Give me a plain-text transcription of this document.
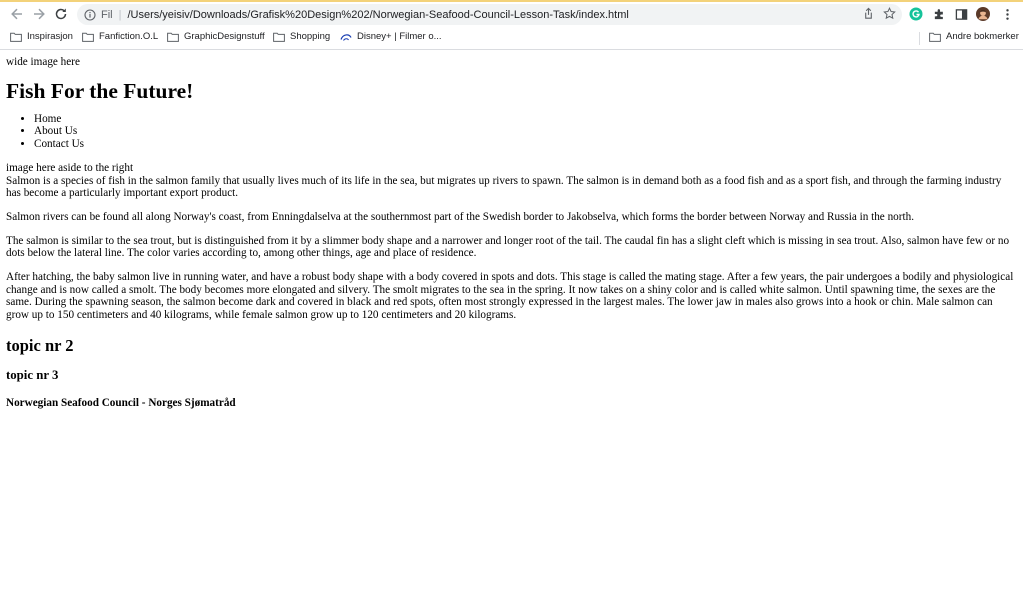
Fil | /Users/yeisiv/Downloads/Grafisk%20Design%202/Norwegian-Seafood-Council-Lesson-Task/index.html
Inspirasjon	Fanfiction.O.L	GraphicDesignstuff	Shopping	Disney+ | Filmer o...	Andre bokmerker
wide image here
Fish For the Future!
• Home
• About Us
• Contact Us
image here aside to the right

Salmon is a species of fish in the salmon family that usually lives much of its life in the sea, but migrates up rivers to spawn. The salmon is in demand both as a food fish and as a sport fish, and through the farming industry has become a particularly important export product.

Salmon rivers can be found all along Norway's coast, from Enningdalselva at the southernmost part of the Swedish border to Jakobselva, which forms the border between Norway and Russia in the north.

The salmon is similar to the sea trout, but is distinguished from it by a slimmer body shape and a narrower and longer root of the tail. The caudal fin has a slight cleft which is missing in sea trout. Also, salmon have few or no dots below the lateral line. The color varies according to, among other things, age and place of residence.

After hatching, the baby salmon live in running water, and have a robust body shape with a body covered in spots and dots. This stage is called the mating stage. After a few years, the pair undergoes a bodily and physiological change and is now called a smolt. The body becomes more elongated and silvery. The smolt migrates to the sea in the spring. It now takes on a shiny color and is called white salmon. Until spawning time, the sexes are the same. During the spawning season, the salmon become dark and covered in black and red spots, often most strongly expressed in the largest males. The lower jaw in males also grows into a hook or chin. Male salmon can grow up to 150 centimeters and 40 kilograms, while female salmon grow up to 120 centimeters and 20 kilograms.

topic nr 2
topic nr 3
Norwegian Seafood Council - Norges Sjømatråd
